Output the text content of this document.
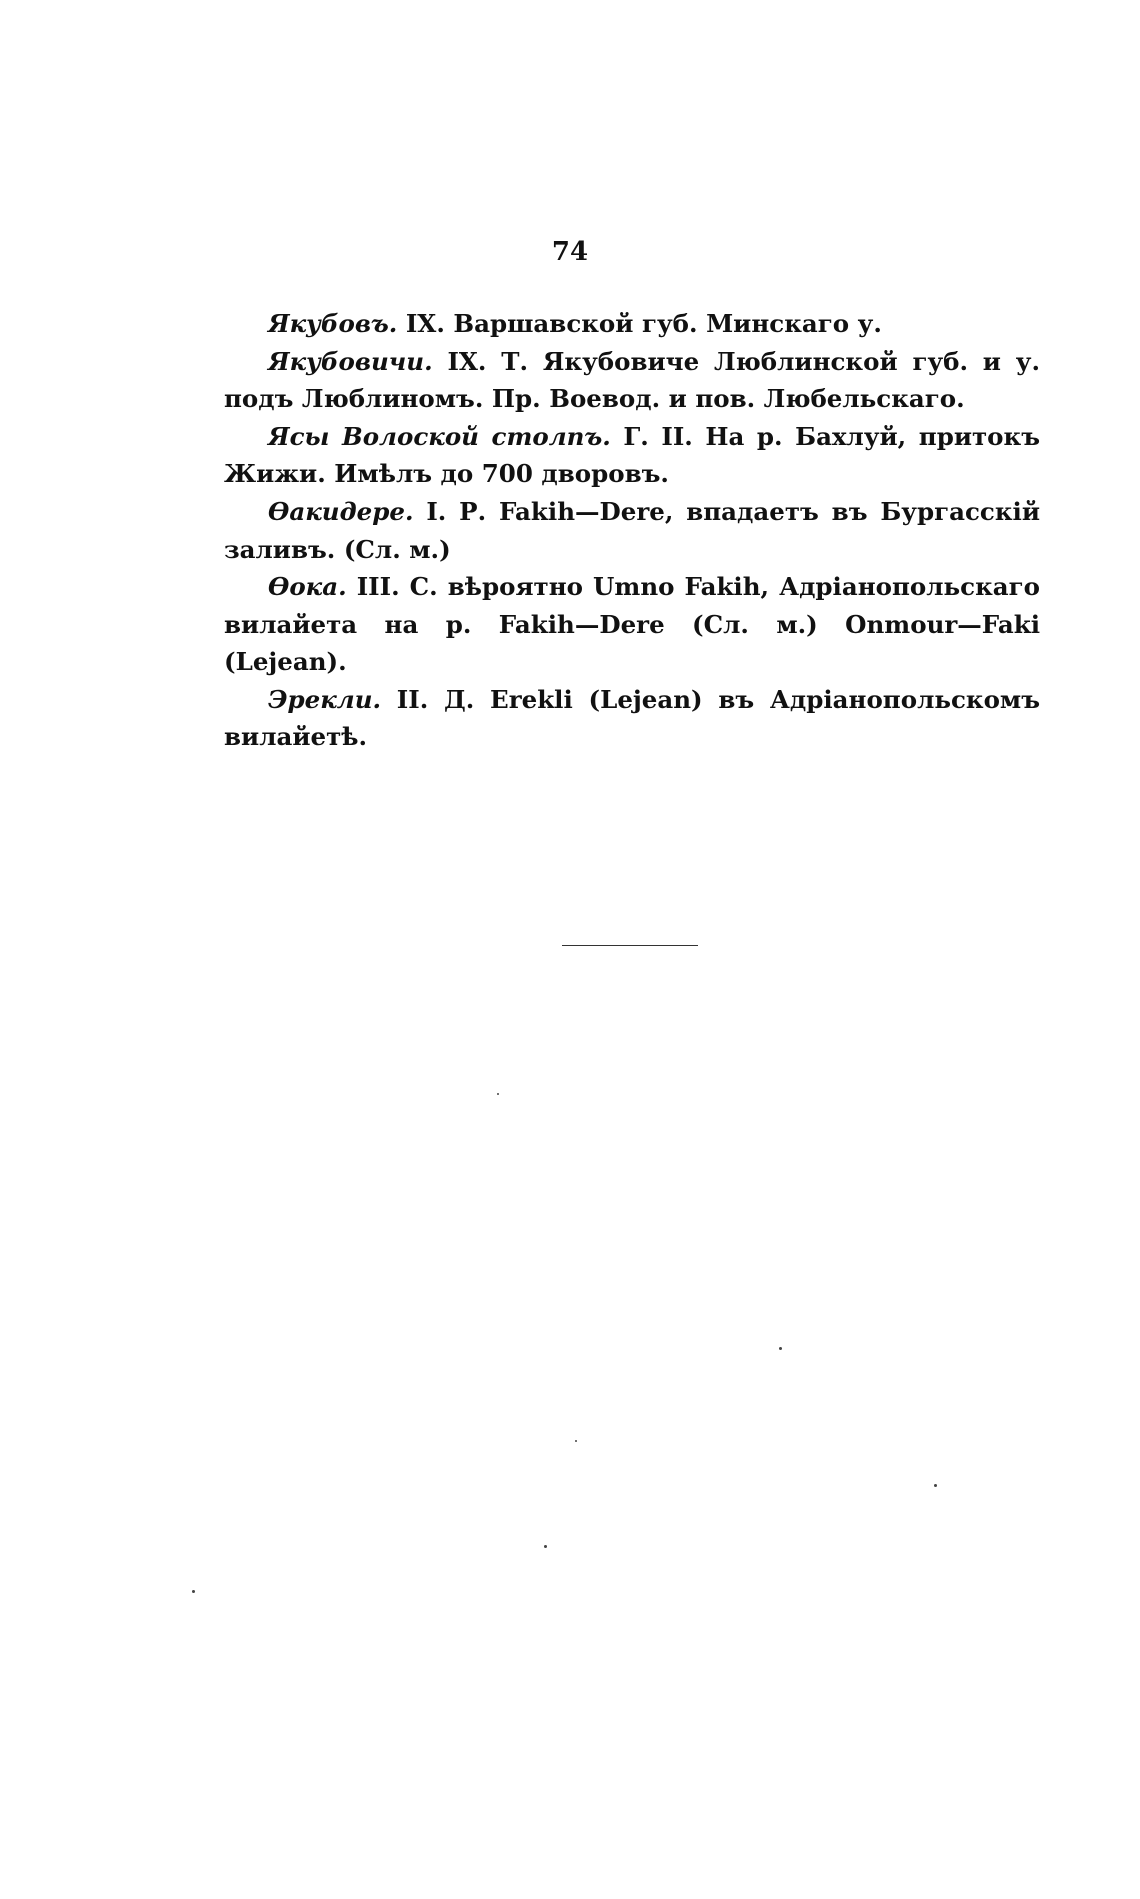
74

Якубовъ. IX. Варшавской губ. Минскаго у.

Якубовичи. IX. Т. Якубовиче Люблинской губ. и у. подъ Люблиномъ. Пр. Воевод. и пов. Любельскаго.

Ясы Волоской столпъ. Г. II. На р. Бахлуй, притокъ Жижи. Имѣлъ до 700 дворовъ.

Ѳакидере. I. Р. Fakih—Dere, впадаетъ въ Бургасскій заливъ. (Сл. м.)

Ѳока. III. С. вѣроятно Umno Fakih, Адріанопольскаго вилайета на р. Fakih—Dere (Сл. м.) Onmour—Faki (Lejean).

Эрекли. II. Д. Erekli (Lejean) въ Адріанопольскомъ вилайетѣ.
